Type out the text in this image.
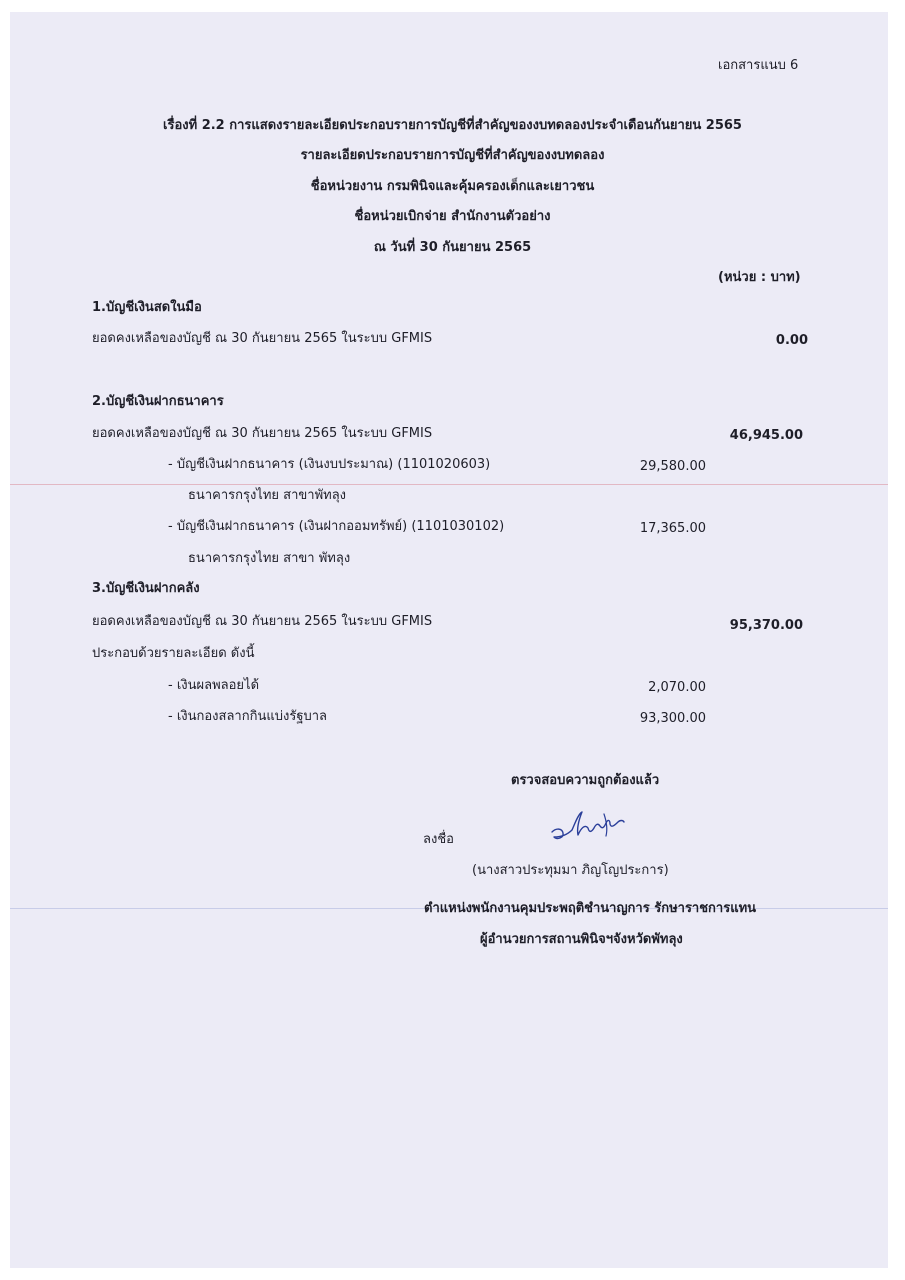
เอกสารแนบ 6
เรื่องที่ 2.2 การแสดงรายละเอียดประกอบรายการบัญชีที่สำคัญของงบทดลองประจำเดือนกันยายน 2565
รายละเอียดประกอบรายการบัญชีที่สำคัญของงบทดลอง
ชื่อหน่วยงาน กรมพินิจและคุ้มครองเด็กและเยาวชน
ชื่อหน่วยเบิกจ่าย สำนักงานตัวอย่าง
ณ วันที่ 30 กันยายน 2565
(หน่วย : บาท)
1.บัญชีเงินสดในมือ
ยอดคงเหลือของบัญชี ณ 30 กันยายน 2565 ในระบบ GFMIS	0.00
2.บัญชีเงินฝากธนาคาร
ยอดคงเหลือของบัญชี ณ 30 กันยายน 2565 ในระบบ GFMIS	46,945.00
- บัญชีเงินฝากธนาคาร (เงินงบประมาณ) (1101020603)	29,580.00
ธนาคารกรุงไทย สาขาพัทลุง
- บัญชีเงินฝากธนาคาร (เงินฝากออมทรัพย์) (1101030102)	17,365.00
ธนาคารกรุงไทย สาขา พัทลุง
3.บัญชีเงินฝากคลัง
ยอดคงเหลือของบัญชี ณ 30 กันยายน 2565 ในระบบ GFMIS	95,370.00
ประกอบด้วยรายละเอียด ดังนี้
- เงินผลพลอยได้	2,070.00
- เงินกองสลากกินแบ่งรัฐบาล	93,300.00
ตรวจสอบความถูกต้องแล้ว
ลงชื่อ
(นางสาวประทุมมา ภิญโญประการ)
ตำแหน่งพนักงานคุมประพฤติชำนาญการ รักษาราชการแทน
ผู้อำนวยการสถานพินิจฯจังหวัดพัทลุง
